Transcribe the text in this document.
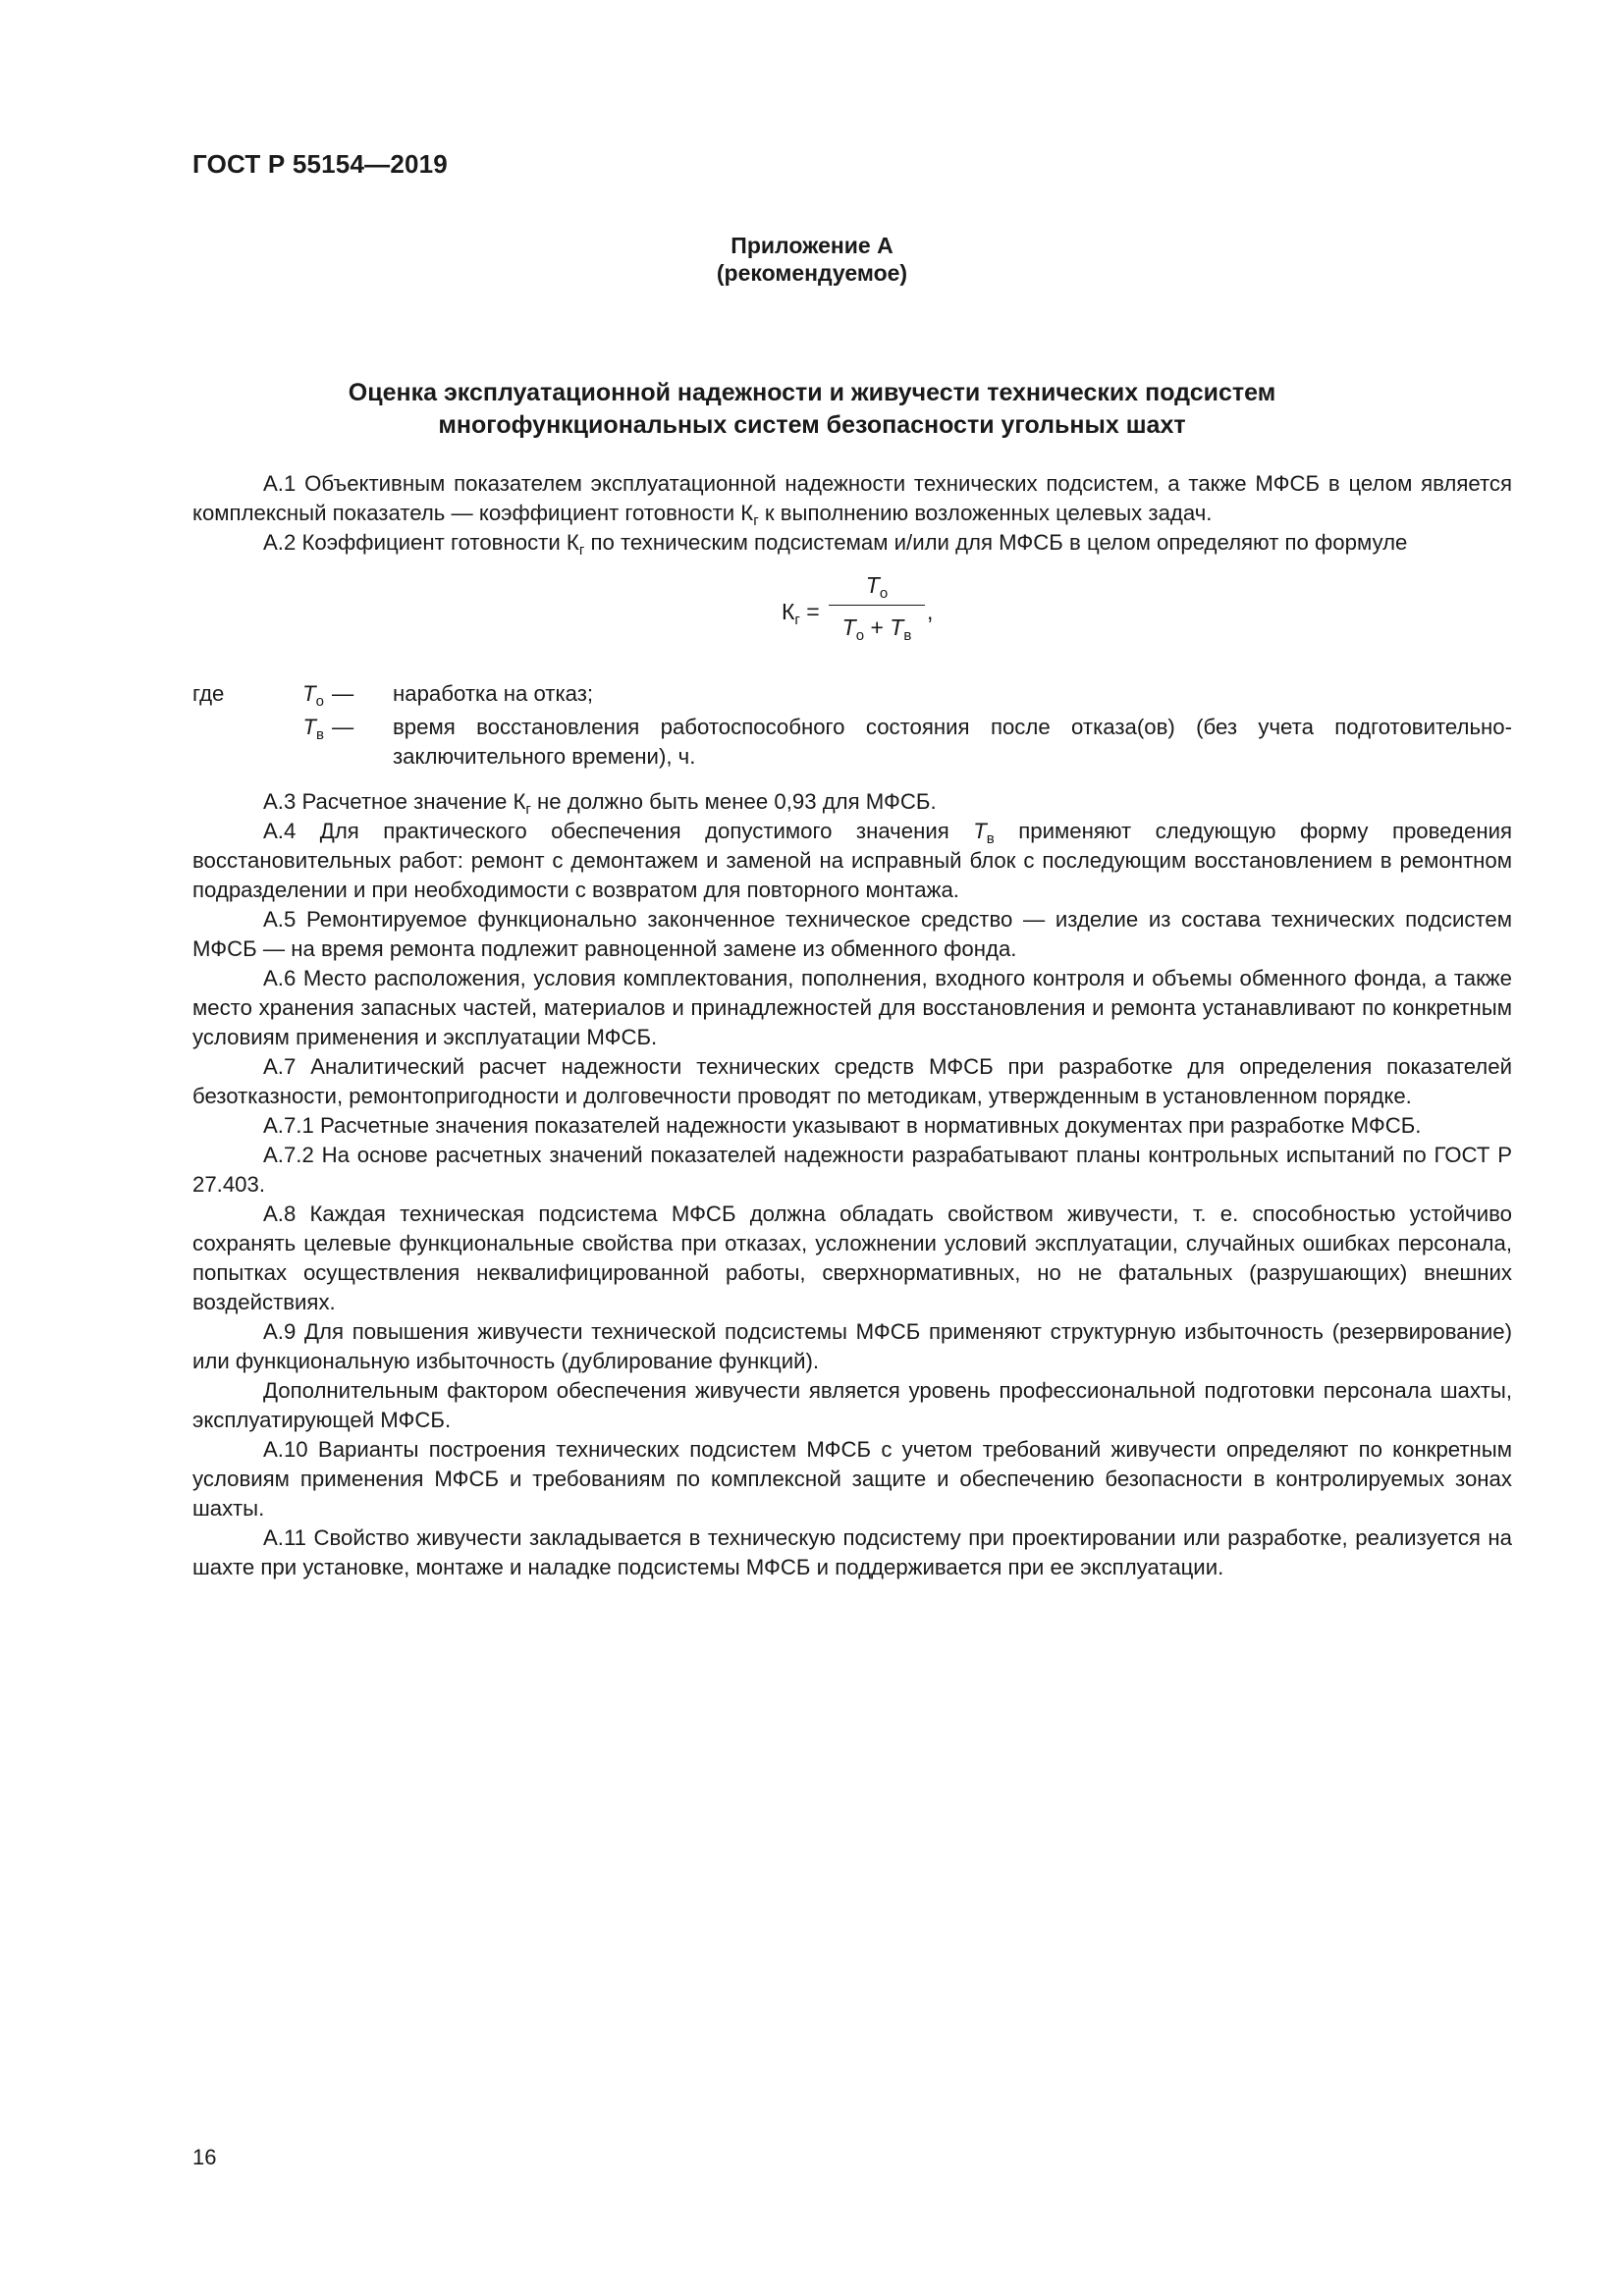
ГОСТ Р 55154—2019
Приложение А
(рекомендуемое)
Оценка эксплуатационной надежности и живучести технических подсистем
многофункциональных систем безопасности угольных шахт

А.1 Объективным показателем эксплуатационной надежности технических подсистем, а также МФСБ в целом является комплексный показатель — коэффициент готовности $К_г$ к выполнению возложенных целевых задач.

А.2 Коэффициент готовности $К_г$ по техническим подсистемам и/или для МФСБ в целом определяют по формуле

$К_г$ =
$T_о$
$T_о + T_в$
,
где	$T_о$ — наработка на отказ;
$T_в$ — время восстановления работоспособного состояния после отказа(ов) (без учета подготовительно-заключительного времени), ч.

А.3 Расчетное значение $К_г$ не должно быть менее 0,93 для МФСБ.

А.4 Для практического обеспечения допустимого значения $T_в$ применяют следующую форму проведения восстановительных работ: ремонт с демонтажем и заменой на исправный блок с последующим восстановлением в ремонтном подразделении и при необходимости с возвратом для повторного монтажа.

А.5 Ремонтируемое функционально законченное техническое средство — изделие из состава технических подсистем МФСБ — на время ремонта подлежит равноценной замене из обменного фонда.

А.6 Место расположения, условия комплектования, пополнения, входного контроля и объемы обменного фонда, а также место хранения запасных частей, материалов и принадлежностей для восстановления и ремонта устанавливают по конкретным условиям применения и эксплуатации МФСБ.

А.7 Аналитический расчет надежности технических средств МФСБ при разработке для определения показателей безотказности, ремонтопригодности и долговечности проводят по методикам, утвержденным в установленном порядке.

А.7.1 Расчетные значения показателей надежности указывают в нормативных документах при разработке МФСБ.

А.7.2 На основе расчетных значений показателей надежности разрабатывают планы контрольных испытаний по ГОСТ Р 27.403.

А.8 Каждая техническая подсистема МФСБ должна обладать свойством живучести, т. е. способностью устойчиво сохранять целевые функциональные свойства при отказах, усложнении условий эксплуатации, случайных ошибках персонала, попытках осуществления неквалифицированной работы, сверхнормативных, но не фатальных (разрушающих) внешних воздействиях.

А.9 Для повышения живучести технической подсистемы МФСБ применяют структурную избыточность (резервирование) или функциональную избыточность (дублирование функций).

Дополнительным фактором обеспечения живучести является уровень профессиональной подготовки персонала шахты, эксплуатирующей МФСБ.

А.10 Варианты построения технических подсистем МФСБ с учетом требований живучести определяют по конкретным условиям применения МФСБ и требованиям по комплексной защите и обеспечению безопасности в контролируемых зонах шахты.

А.11 Свойство живучести закладывается в техническую подсистему при проектировании или разработке, реализуется на шахте при установке, монтаже и наладке подсистемы МФСБ и поддерживается при ее эксплуатации.

16
